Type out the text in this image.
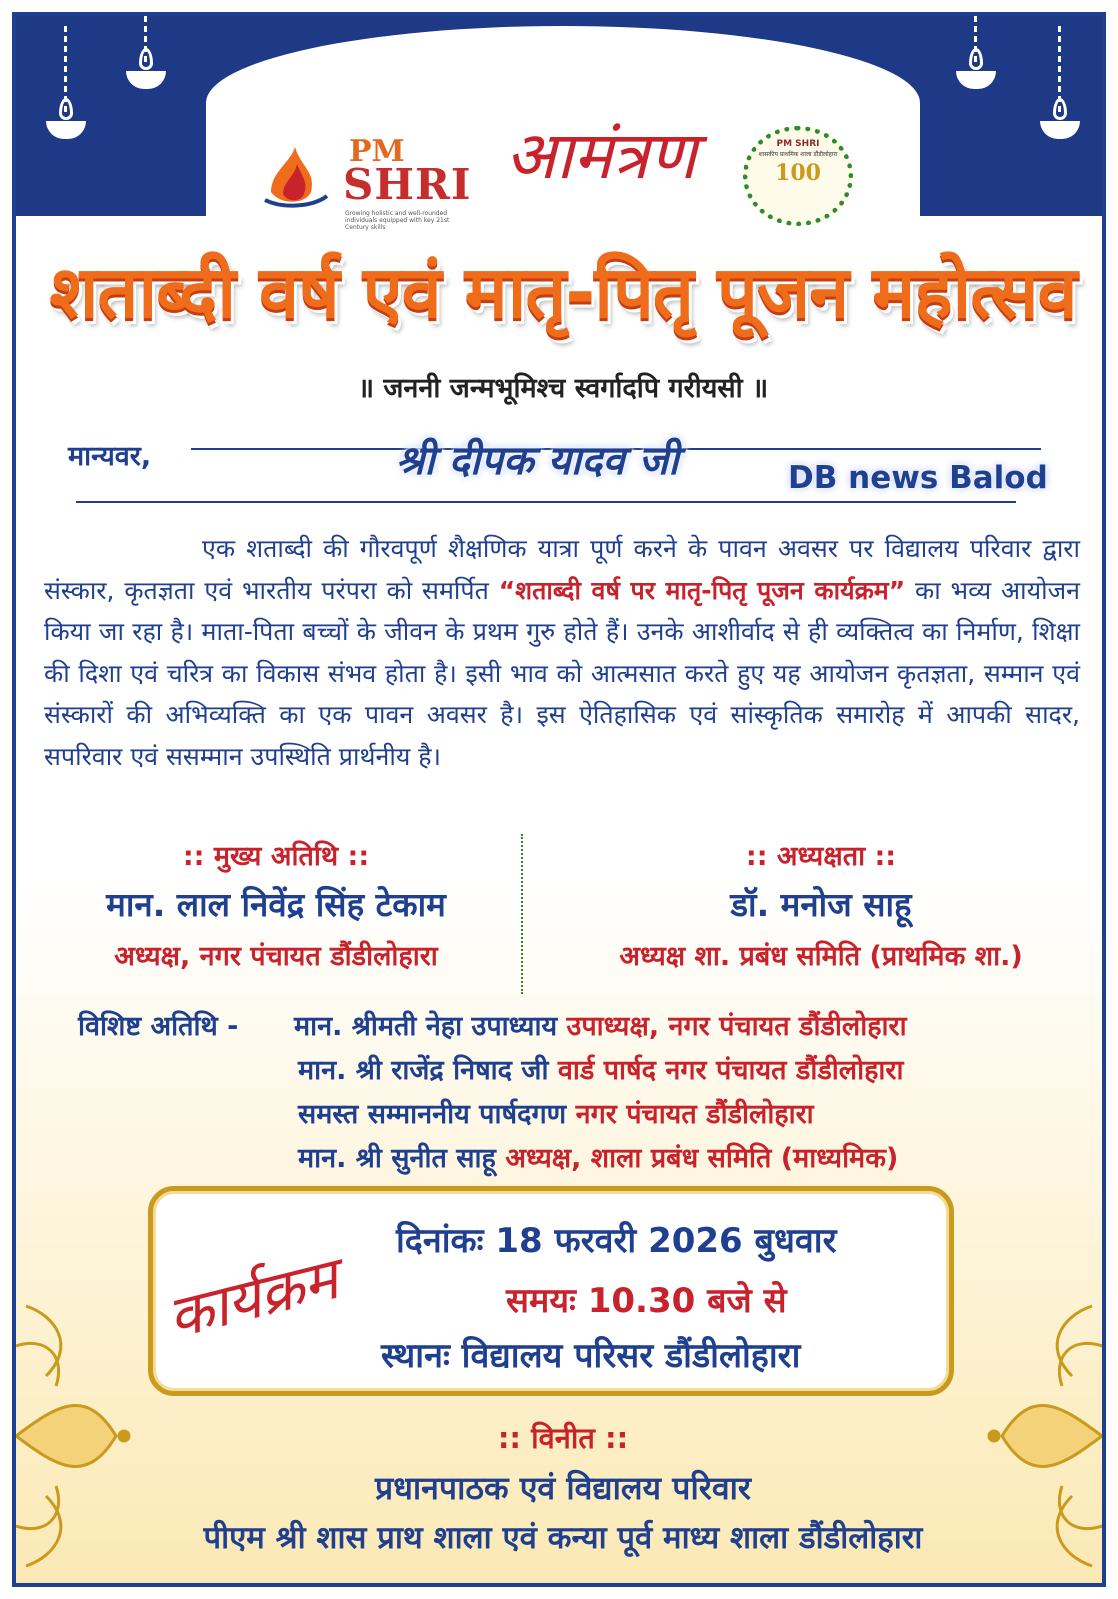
PM
SHRI
Growing holistic and well-rounded individuals equipped with key 21st Century skills
आमंत्रण	PM SHRI
शासकीय प्राथमिक शाला डौंडीलोहारा
100
शताब्दी वर्ष एवं मातृ-पितृ पूजन महोत्सव
॥ जननी जन्मभूमिश्च स्वर्गादपि गरीयसी ॥
मान्यवर,	श्री दीपक यादव जी	DB news Balod
एक शताब्दी की गौरवपूर्ण शैक्षणिक यात्रा पूर्ण करने के पावन अवसर पर विद्यालय परिवार द्वारा संस्कार, कृतज्ञता एवं भारतीय परंपरा को समर्पित “शताब्दी वर्ष पर मातृ-पितृ पूजन कार्यक्रम” का भव्य आयोजन किया जा रहा है। माता-पिता बच्चों के जीवन के प्रथम गुरु होते हैं। उनके आशीर्वाद से ही व्यक्तित्व का निर्माण, शिक्षा की दिशा एवं चरित्र का विकास संभव होता है। इसी भाव को आत्मसात करते हुए यह आयोजन कृतज्ञता, सम्मान एवं संस्कारों की अभिव्यक्ति का एक पावन अवसर है। इस ऐतिहासिक एवं सांस्कृतिक समारोह में आपकी सादर, सपरिवार एवं ससम्मान उपस्थिति प्रार्थनीय है।
:: मुख्य अतिथि ::
मान. लाल निवेंद्र सिंह टेकाम
अध्यक्ष, नगर पंचायत डौंडीलोहारा
:: अध्यक्षता ::
डॉ. मनोज साहू
अध्यक्ष शा. प्रबंध समिति (प्राथमिक शा.)
विशिष्ट अतिथि - मान. श्रीमती नेहा उपाध्याय उपाध्यक्ष, नगर पंचायत डौंडीलोहारा
मान. श्री राजेंद्र निषाद जी वार्ड पार्षद नगर पंचायत डौंडीलोहारा
समस्त सम्माननीय पार्षदगण नगर पंचायत डौंडीलोहारा
मान. श्री सुनीत साहू अध्यक्ष, शाला प्रबंध समिति (माध्यमिक)
कार्यक्रम
दिनांकः 18 फरवरी 2026 बुधवार
समयः 10.30 बजे से
स्थानः विद्यालय परिसर डौंडीलोहारा
:: विनीत ::
प्रधानपाठक एवं विद्यालय परिवार
पीएम श्री शास प्राथ शाला एवं कन्या पूर्व माध्य शाला डौंडीलोहारा
